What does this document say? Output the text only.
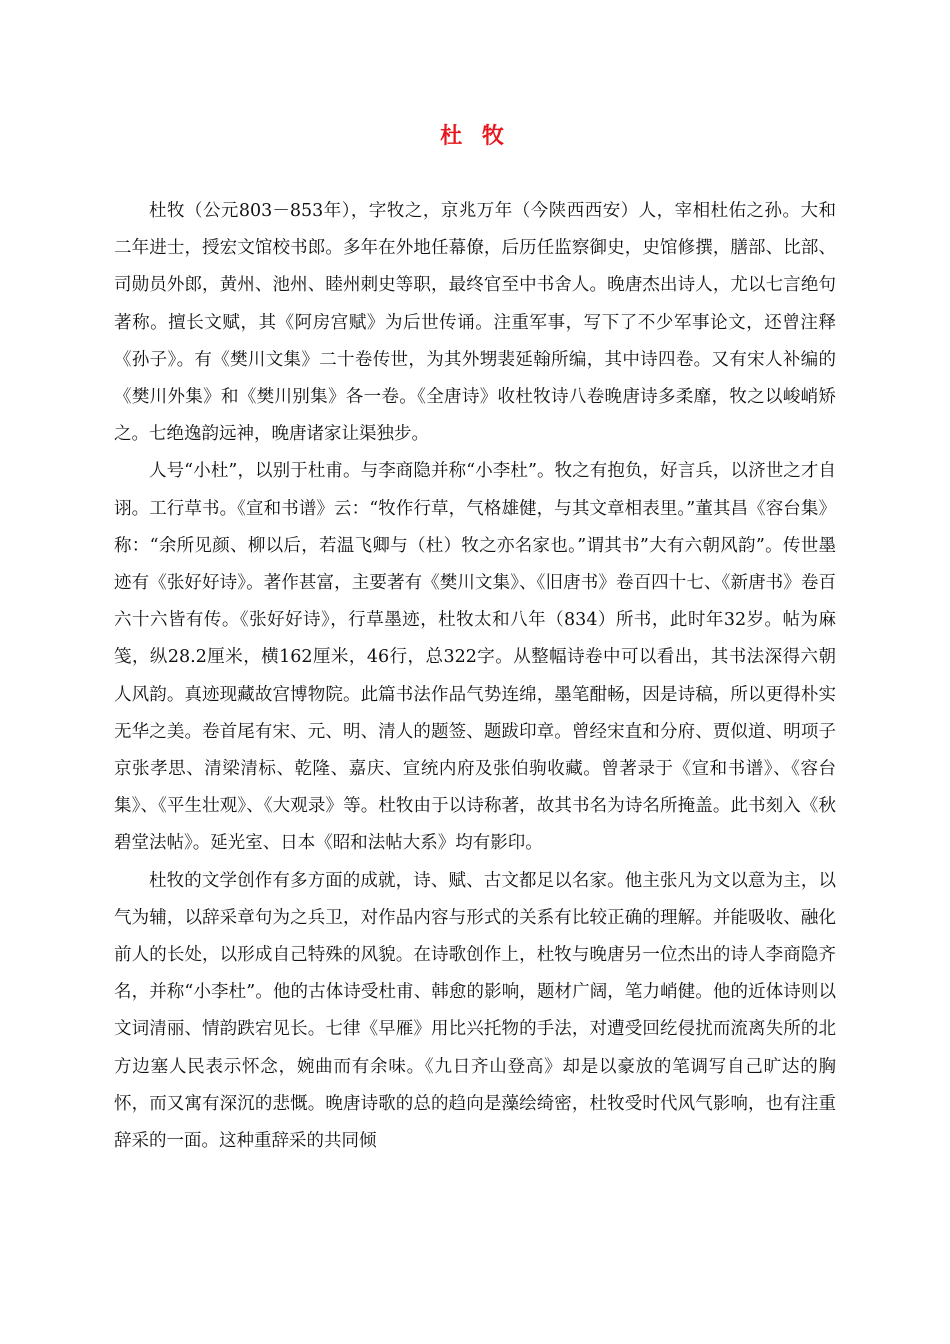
杜 牧

杜牧（公元803－853年），字牧之，京兆万年（今陕西西安）人，宰相杜佑之孙。大和二年进士，授宏文馆校书郎。多年在外地任幕僚，后历任监察御史，史馆修撰，膳部、比部、司勋员外郎，黄州、池州、睦州刺史等职，最终官至中书舍人。晚唐杰出诗人，尤以七言绝句著称。擅长文赋，其《阿房宫赋》为后世传诵。注重军事，写下了不少军事论文，还曾注释《孙子》。有《樊川文集》二十卷传世，为其外甥裴延翰所编，其中诗四卷。又有宋人补编的《樊川外集》和《樊川别集》各一卷。《全唐诗》收杜牧诗八卷晚唐诗多柔靡，牧之以峻峭矫之。七绝逸韵远神，晚唐诸家让渠独步。

人号“小杜”，以别于杜甫。与李商隐并称“小李杜”。牧之有抱负，好言兵，以济世之才自诩。工行草书。《宣和书谱》云：“牧作行草，气格雄健，与其文章相表里。”董其昌《容台集》称：“余所见颜、柳以后，若温飞卿与（杜）牧之亦名家也。”谓其书”大有六朝风韵”。传世墨迹有《张好好诗》。著作甚富，主要著有《樊川文集》、《旧唐书》卷百四十七、《新唐书》卷百六十六皆有传。《张好好诗》，行草墨迹，杜牧太和八年（834）所书，此时年32岁。帖为麻笺，纵28.2厘米，横162厘米，46行，总322字。从整幅诗卷中可以看出，其书法深得六朝人风韵。真迹现藏故宫博物院。此篇书法作品气势连绵，墨笔酣畅，因是诗稿，所以更得朴实无华之美。卷首尾有宋、元、明、清人的题签、题跋印章。曾经宋直和分府、贾似道、明项子京张孝思、清梁清标、乾隆、嘉庆、宣统内府及张伯驹收藏。曾著录于《宣和书谱》、《容台集》、《平生壮观》、《大观录》等。杜牧由于以诗称著，故其书名为诗名所掩盖。此书刻入《秋碧堂法帖》。延光室、日本《昭和法帖大系》均有影印。

杜牧的文学创作有多方面的成就，诗、赋、古文都足以名家。他主张凡为文以意为主，以气为辅，以辞采章句为之兵卫，对作品内容与形式的关系有比较正确的理解。并能吸收、融化前人的长处，以形成自己特殊的风貌。在诗歌创作上，杜牧与晚唐另一位杰出的诗人李商隐齐名，并称“小李杜”。他的古体诗受杜甫、韩愈的影响，题材广阔，笔力峭健。他的近体诗则以文词清丽、情韵跌宕见长。七律《早雁》用比兴托物的手法，对遭受回纥侵扰而流离失所的北方边塞人民表示怀念，婉曲而有余味。《九日齐山登高》却是以豪放的笔调写自己旷达的胸怀，而又寓有深沉的悲慨。晚唐诗歌的总的趋向是藻绘绮密，杜牧受时代风气影响，也有注重辞采的一面。这种重辞采的共同倾
